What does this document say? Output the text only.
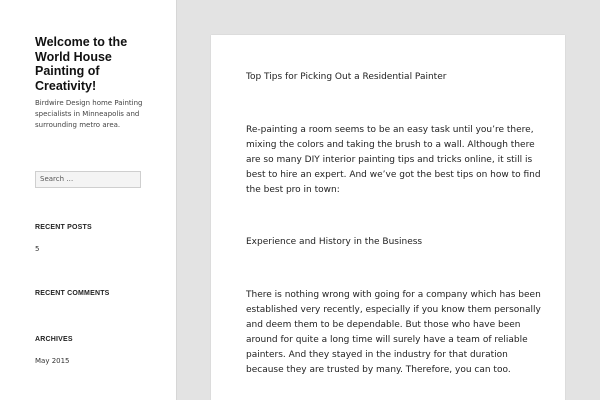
Welcome to the World House Painting of Creativity!
Birdwire Design home Painting specialists in Minneapolis and surrounding metro area.
Search …
RECENT POSTS
5
RECENT COMMENTS
ARCHIVES
May 2015
Top Tips for Picking Out a Residential Painter
Re-painting a room seems to be an easy task until you’re there, mixing the colors and taking the brush to a wall. Although there are so many DIY interior painting tips and tricks online, it still is best to hire an expert. And we’ve got the best tips on how to find the best pro in town:
Experience and History in the Business
There is nothing wrong with going for a company which has been established very recently, especially if you know them personally and deem them to be dependable. But those who have been around for quite a long time will surely have a team of reliable painters. And they stayed in the industry for that duration because they are trusted by many. Therefore, you can too.
